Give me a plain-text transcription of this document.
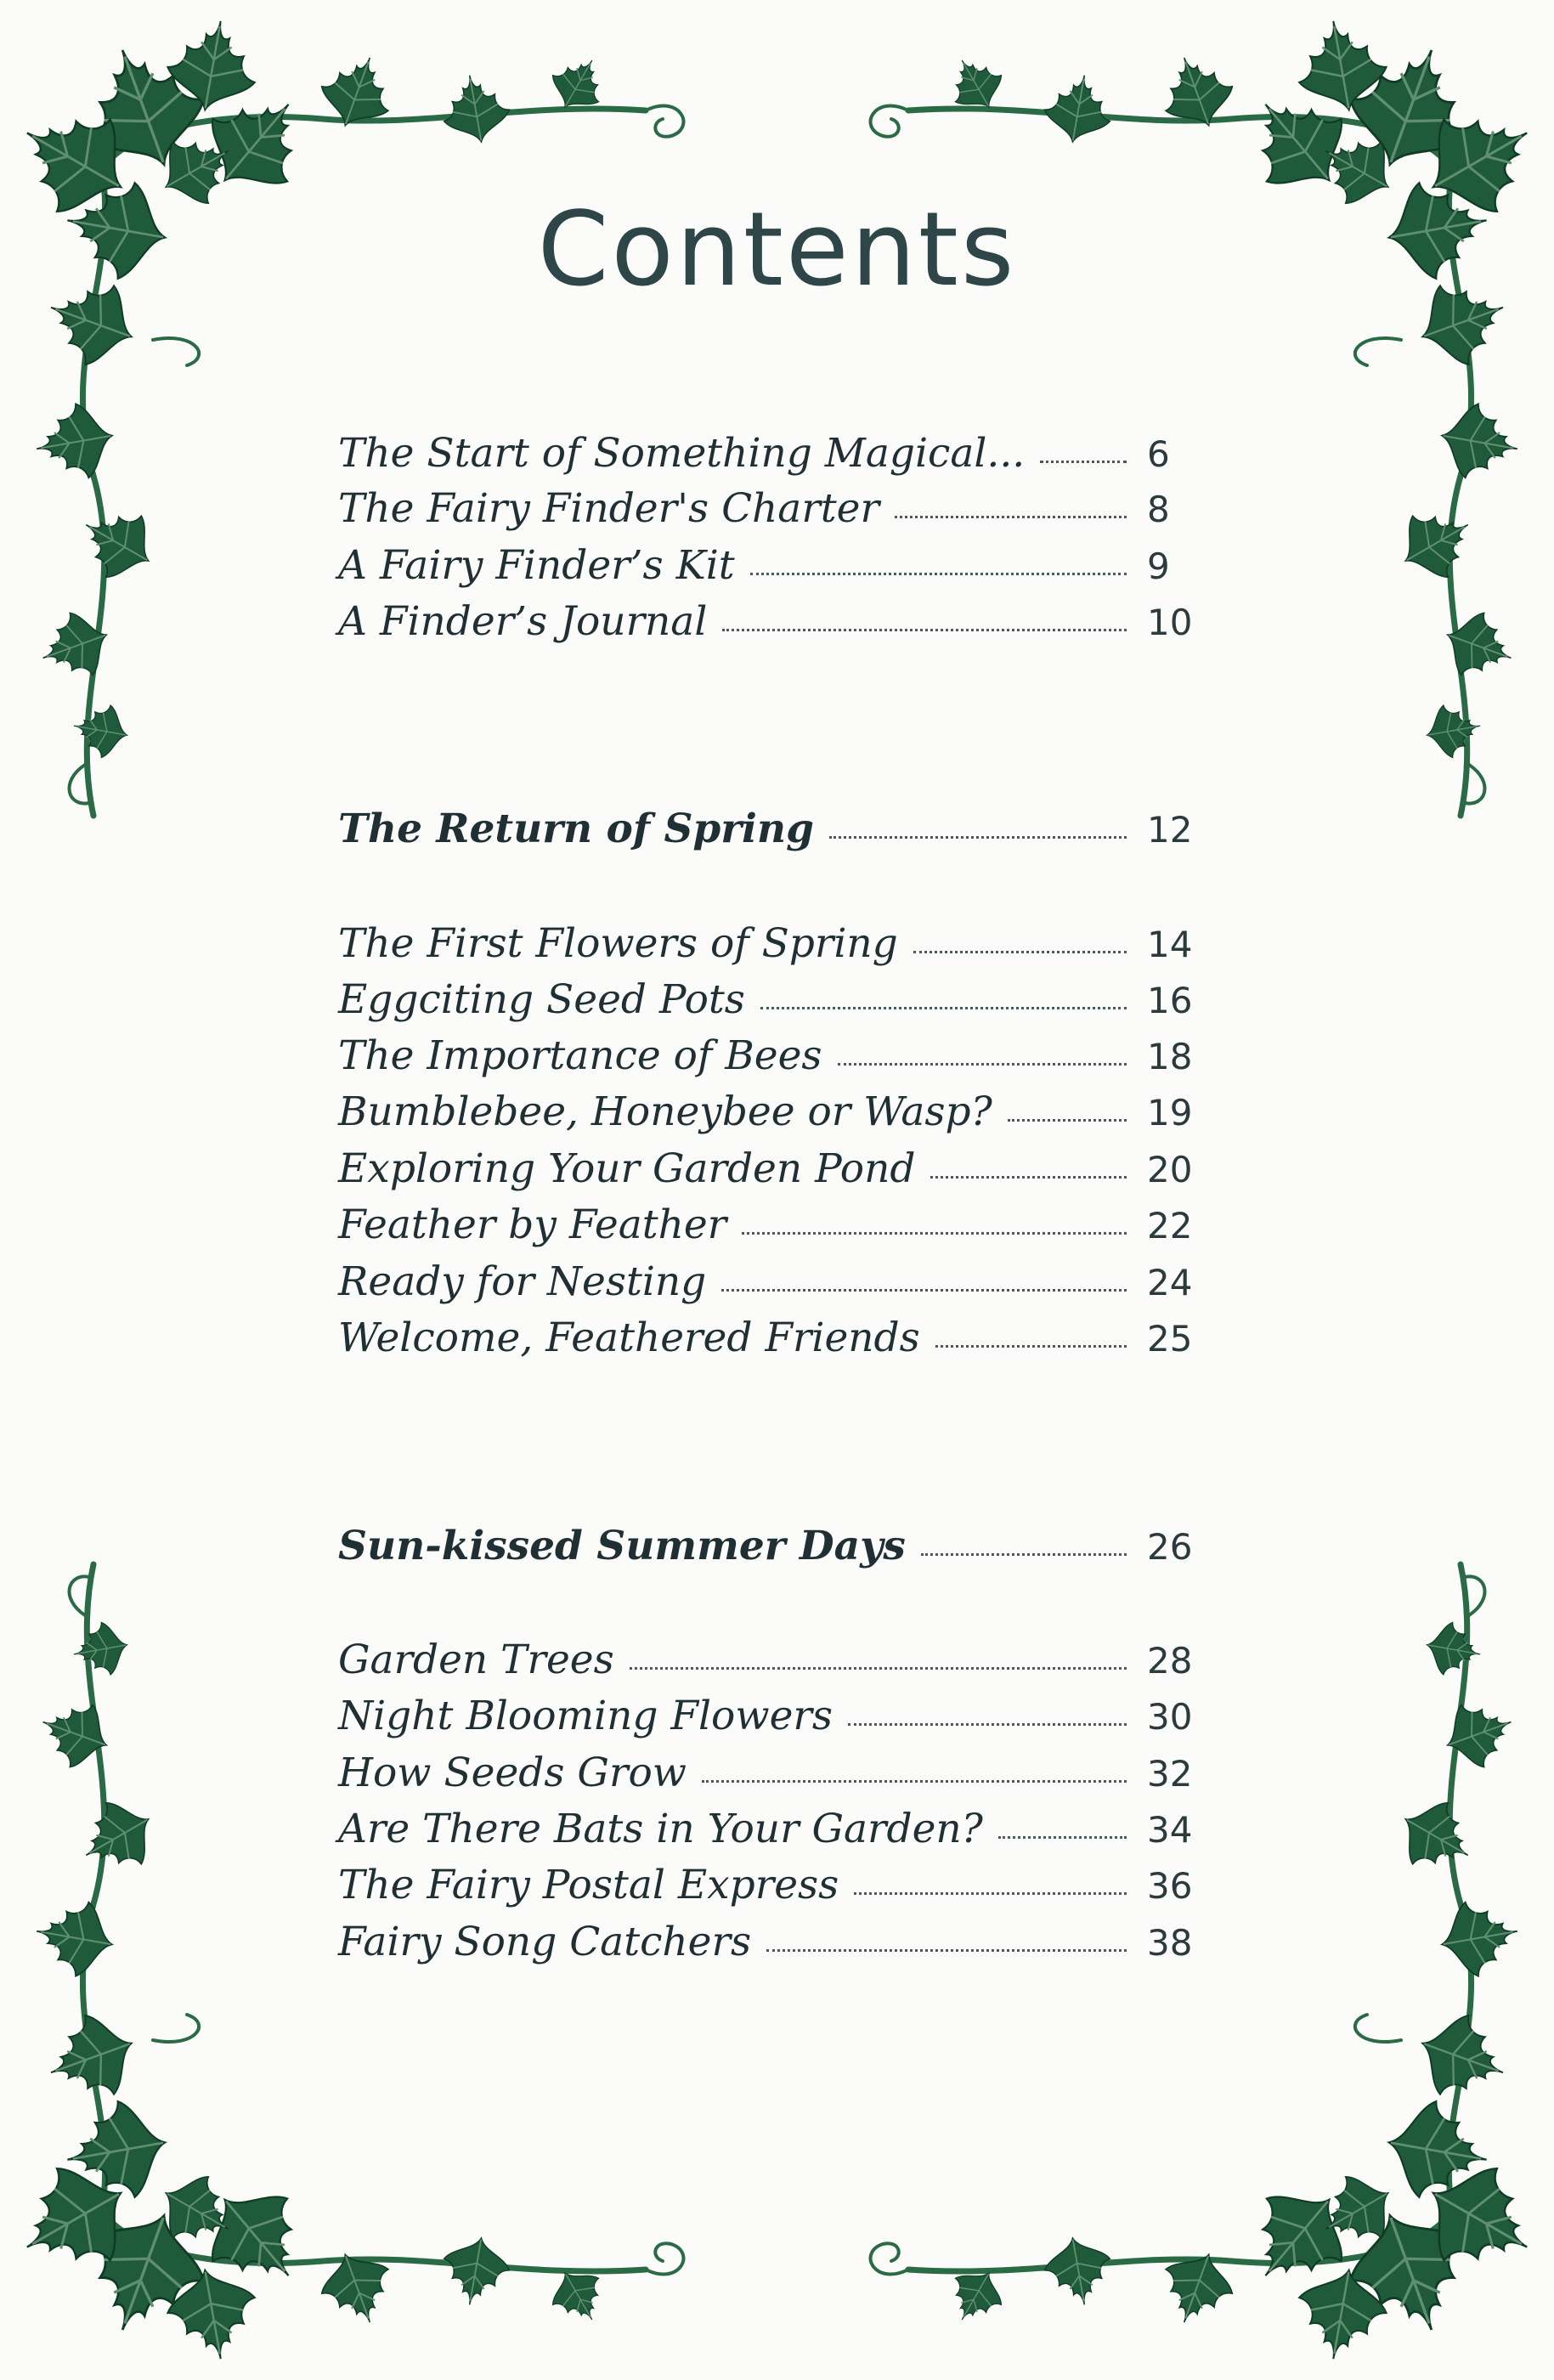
Contents
The Start of Something Magical...	6
The Fairy Finder's Charter	8
A Fairy Finder’s Kit	9
A Finder’s Journal	10
The Return of Spring	12
The First Flowers of Spring	14
Eggciting Seed Pots	16
The Importance of Bees	18
Bumblebee, Honeybee or Wasp?	19
Exploring Your Garden Pond	20
Feather by Feather	22
Ready for Nesting	24
Welcome, Feathered Friends	25
Sun-kissed Summer Days	26
Garden Trees	28
Night Blooming Flowers	30
How Seeds Grow	32
Are There Bats in Your Garden?	34
The Fairy Postal Express	36
Fairy Song Catchers	38
